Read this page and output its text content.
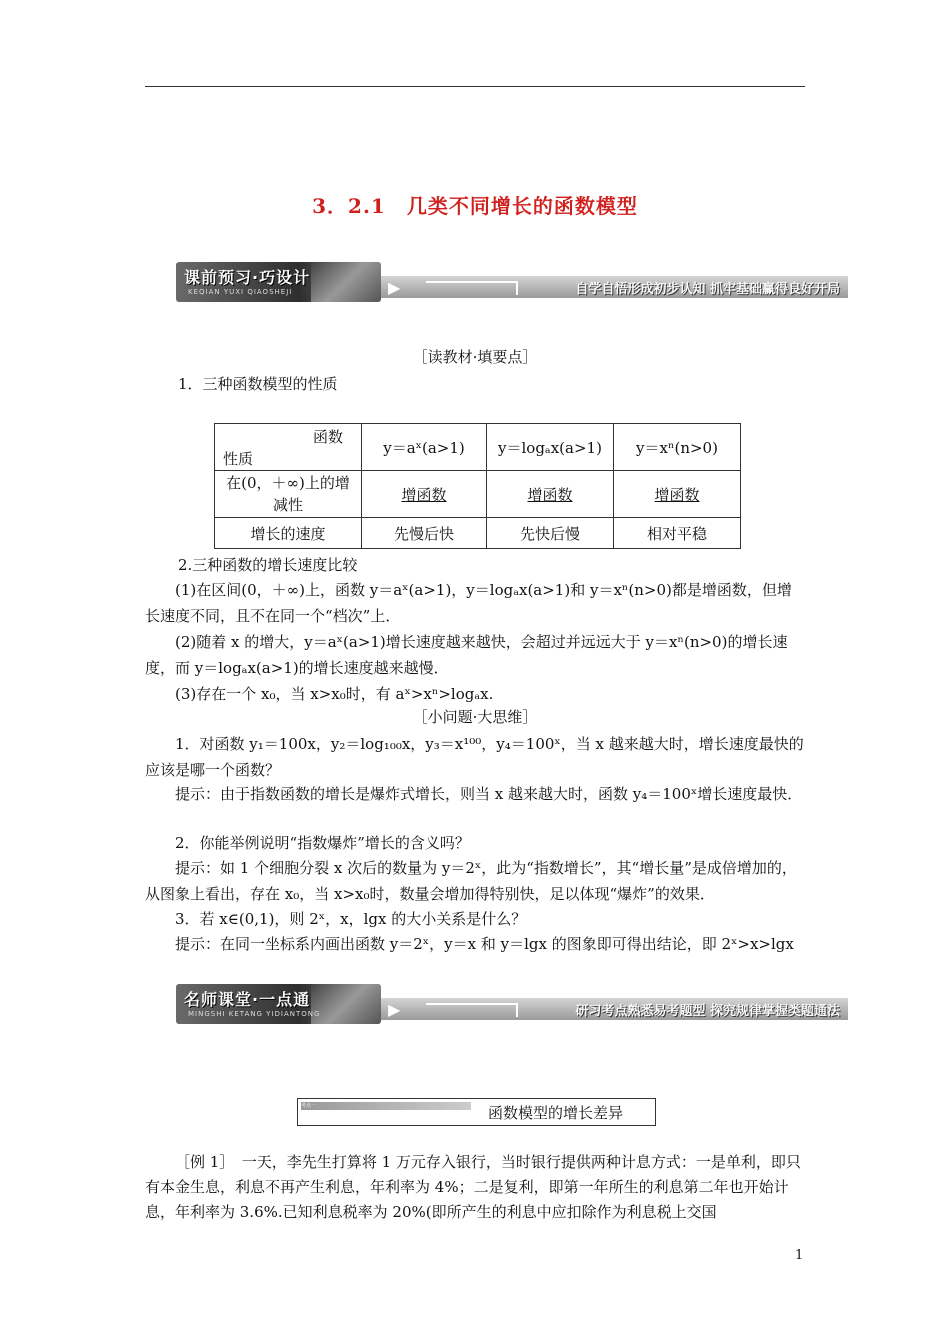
3．2.1　几类不同增长的函数模型
课前预习·巧设计
KEQIAN YUXI QIAOSHEJI	▶	自学自悟形成初步认知 抓牢基础赢得良好开局
［读教材·填要点］
1．三种函数模型的性质
函数
性质	y＝aˣ(a>1)	y＝logₐx(a>1)	y＝xⁿ(n>0)
在(0，＋∞)上的增减性	增函数	增函数	增函数
增长的速度	先慢后快	先快后慢	相对平稳
2.三种函数的增长速度比较
(1)在区间(0，＋∞)上，函数 y＝aˣ(a>1)，y＝logₐx(a>1)和 y＝xⁿ(n>0)都是增函数，但增长速度不同，且不在同一个“档次”上．
(2)随着 x 的增大，y＝aˣ(a>1)增长速度越来越快，会超过并远远大于 y＝xⁿ(n>0)的增长速度，而 y＝logₐx(a>1)的增长速度越来越慢．
(3)存在一个 x₀，当 x>x₀时，有 aˣ>xⁿ>logₐx.
［小问题·大思维］
1．对函数 y₁＝100x，y₂＝log₁₀₀x，y₃＝x¹⁰⁰，y₄＝100ˣ，当 x 越来越大时，增长速度最快的应该是哪一个函数？
提示：由于指数函数的增长是爆炸式增长，则当 x 越来越大时，函数 y₄＝100ˣ增长速度最快．
2．你能举例说明“指数爆炸”增长的含义吗？
提示：如 1 个细胞分裂 x 次后的数量为 y＝2ˣ，此为“指数增长”，其“增长量”是成倍增加的，从图象上看出，存在 x₀，当 x>x₀时，数量会增加得特别快，足以体现“爆炸”的效果．
3．若 x∈(0,1)，则 2ˣ，x，lgx 的大小关系是什么？
提示：在同一坐标系内画出函数 y＝2ˣ，y＝x 和 y＝lgx 的图象即可得出结论，即 2ˣ>x>lgx
名师课堂·一点通
MINGSHI KETANG YIDIANTONG	▶	研习考点熟悉易考题型 探究规律掌握类题通法
考点一	函数模型的增长差异
［例 1］　一天，李先生打算将 1 万元存入银行，当时银行提供两种计息方式：一是单利，即只有本金生息，利息不再产生利息，年利率为 4%；二是复利，即第一年所生的利息第二年也开始计息，年利率为 3.6%.已知利息税率为 20%(即所产生的利息中应扣除作为利息税上交国
1
